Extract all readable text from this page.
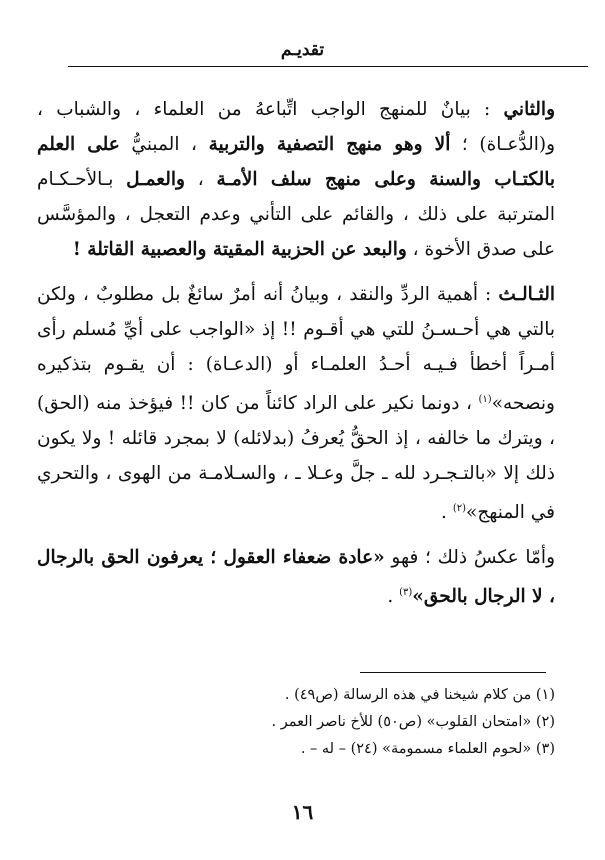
تقديـم

والثاني : بيانٌ للمنهج الواجب اتِّباعهُ من العلماء ، والشباب ، و(الدُّعـاة) ؛ ألا وهو منهج التصفية والتربية ، المبنيُّ على العلم بالكتـاب والسنة وعلى منهج سلف الأمـة ، والعمـل بـالأحـكـام المترتبة على ذلك ، والقائم على التأني وعدم التعجل ، والمؤسَّس على صدق الأخوة ، والبعد عن الحزبية المقيتة والعصبية القاتلة !

الثـالـث : أهمية الردِّ والنقد ، وبيانُ أنه أمرٌ سائغٌ بل مطلوبٌ ، ولكن بالتي هي أحـسـنُ للتي هي أقـوم !! إذ «الواجب على أيِّ مُسلم رأى أمـراً أخطأ فـيـه أحـدُ العلمـاء أو (الدعـاة) : أن يقـوم بتذكيره ونصحه»$^{(١)}$ ، دونما نكير على الراد كائناً من كان !! فيؤخذ منه (الحق) ، ويترك ما خالفه ، إذ الحقُّ يُعرفُ (بدلائله) لا بمجرد قائله ! ولا يكون ذلك إلا «بالتـجـرد لله ـ جلَّ وعـلا ـ ، والسـلامـة من الهوى ، والتحري في المنهج»$^{(٢)}$ .

وأمّا عكسُ ذلك ؛ فهو «عادة ضعفاء العقول ؛ يعرفون الحق بالرجال ، لا الرجال بالحق»$^{(٣)}$ .

(١) من كلام شيخنا في هذه الرسالة (ص٤٩) .
(٢) «امتحان القلوب» (ص٥٠) للأخ ناصر العمر .
(٣) «لحوم العلماء مسمومة» (٢٤) – له – .
١٦
